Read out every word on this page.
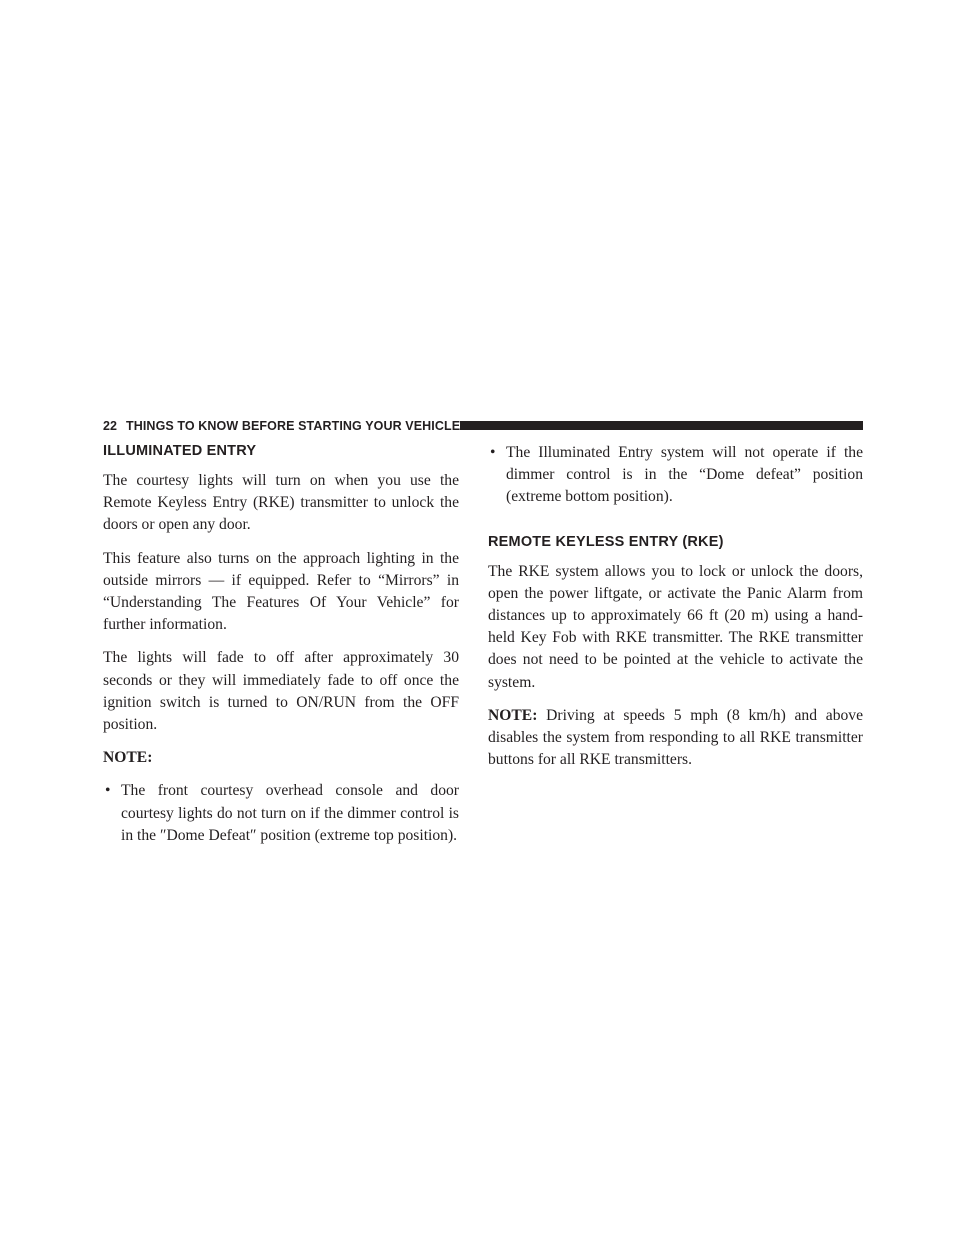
22 THINGS TO KNOW BEFORE STARTING YOUR VEHICLE
ILLUMINATED ENTRY

The courtesy lights will turn on when you use the Remote Keyless Entry (RKE) transmitter to unlock the doors or open any door.

This feature also turns on the approach lighting in the outside mirrors — if equipped. Refer to “Mirrors” in “Understanding The Features Of Your Vehicle” for further information.

The lights will fade to off after approximately 30 seconds or they will immediately fade to off once the ignition switch is turned to ON/RUN from the OFF position.

NOTE:

• The front courtesy overhead console and door courtesy lights do not turn on if the dimmer control is in the ″Dome Defeat″ position (extreme top position).
• The Illuminated Entry system will not operate if the dimmer control is in the “Dome defeat” position (extreme bottom position).
REMOTE KEYLESS ENTRY (RKE)

The RKE system allows you to lock or unlock the doors, open the power liftgate, or activate the Panic Alarm from distances up to approximately 66 ft (20 m) using a hand-held Key Fob with RKE transmitter. The RKE transmitter does not need to be pointed at the vehicle to activate the system.

NOTE: Driving at speeds 5 mph (8 km/h) and above disables the system from responding to all RKE transmitter buttons for all RKE transmitters.
